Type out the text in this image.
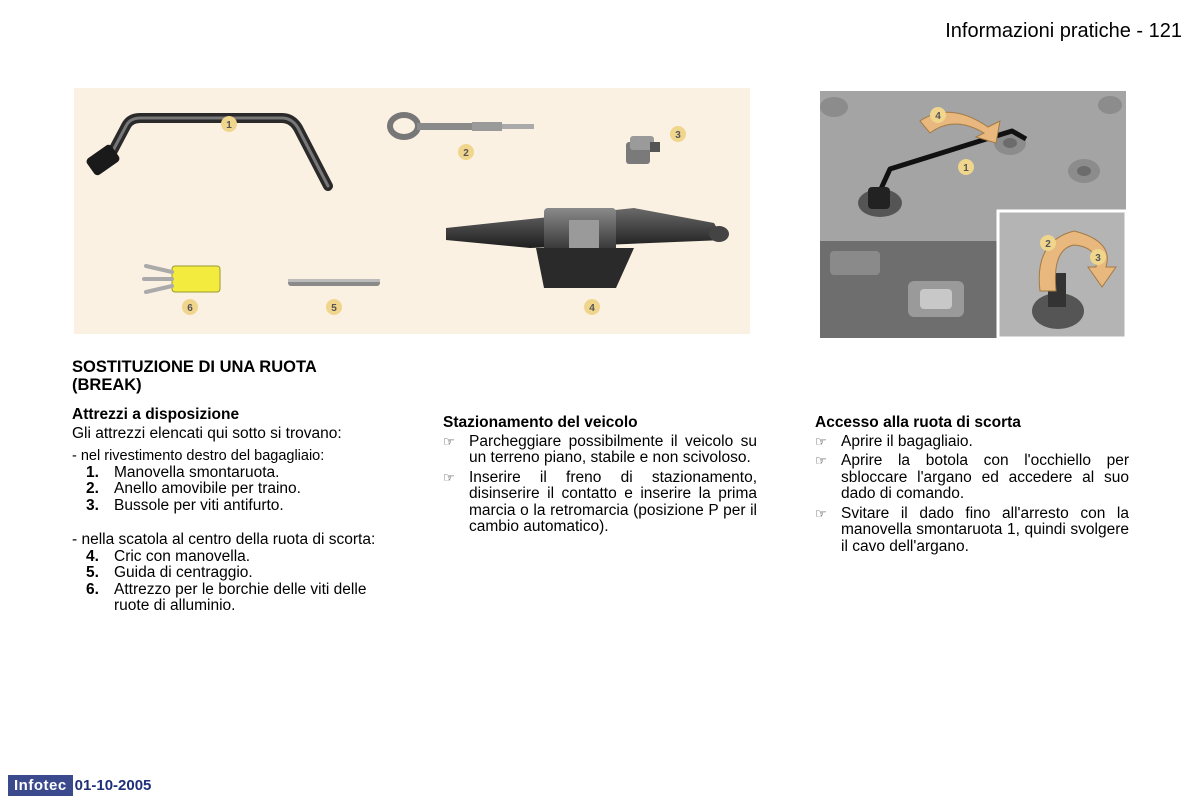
Informazioni pratiche - 121
1
2
3
4
5
6
4
1
2
3
SOSTITUZIONE DI UNA RUOTA (BREAK)
Attrezzi a disposizione
Gli attrezzi elencati qui sotto si trovano:
- nel rivestimento destro del bagagliaio:
1. Manovella smontaruota.
2. Anello amovibile per traino.
3. Bussole per viti antifurto.
- nella scatola al centro della ruota di scorta:
4. Cric con manovella.
5. Guida di centraggio.
6. Attrezzo per le borchie delle viti delle ruote di alluminio.
Stazionamento del veicolo
☞ Parcheggiare possibilmente il veicolo su un terreno piano, stabile e non scivoloso.
☞ Inserire il freno di stazionamento, disinserire il contatto e inserire la prima marcia o la retromarcia (posizione P per il cambio automatico).
Accesso alla ruota di scorta
☞ Aprire il bagagliaio.
☞ Aprire la botola con l'occhiello per sbloccare l'argano ed accedere al suo dado di comando.
☞ Svitare il dado fino all'arresto con la manovella smontaruota 1, quindi svolgere il cavo dell'argano.
Infotec 01-10-2005
